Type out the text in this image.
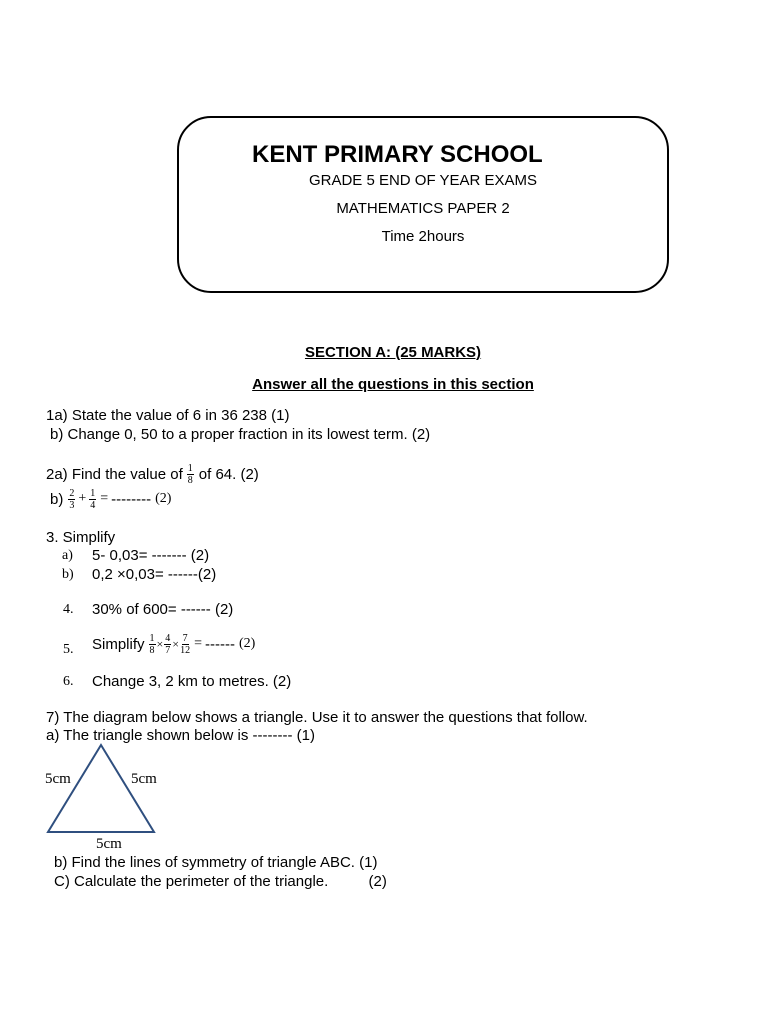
KENT PRIMARY SCHOOL
GRADE 5 END OF YEAR EXAMS
MATHEMATICS PAPER 2
Time 2hours
SECTION A: (25 MARKS)
Answer all the questions in this section
1a) State the value of 6 in 36 238 (1)
b) Change 0, 50 to a proper fraction in its lowest term. (2)
2a) Find the value of $\frac{1}{8}$ of 64. (2)
$b) \frac{2}{3} + \frac{1}{4}$ = -------- (2)
3. Simplify
a) 5- 0,03= ------- (2)
b) 0,2 ×0,03= ------(2)
4. 30% of 600= ------ (2)
5. Simplify $\frac{1}{8} \times \frac{4}{7} \times \frac{7}{12}$ = ------ (2)
6. Change 3, 2 km to metres. (2)
7) The diagram below shows a triangle. Use it to answer the questions that follow.
a) The triangle shown below is -------- (1)
5cm	5cm
5cm
b) Find the lines of symmetry of triangle ABC. (1)
C) Calculate the perimeter of the triangle.	(2)
